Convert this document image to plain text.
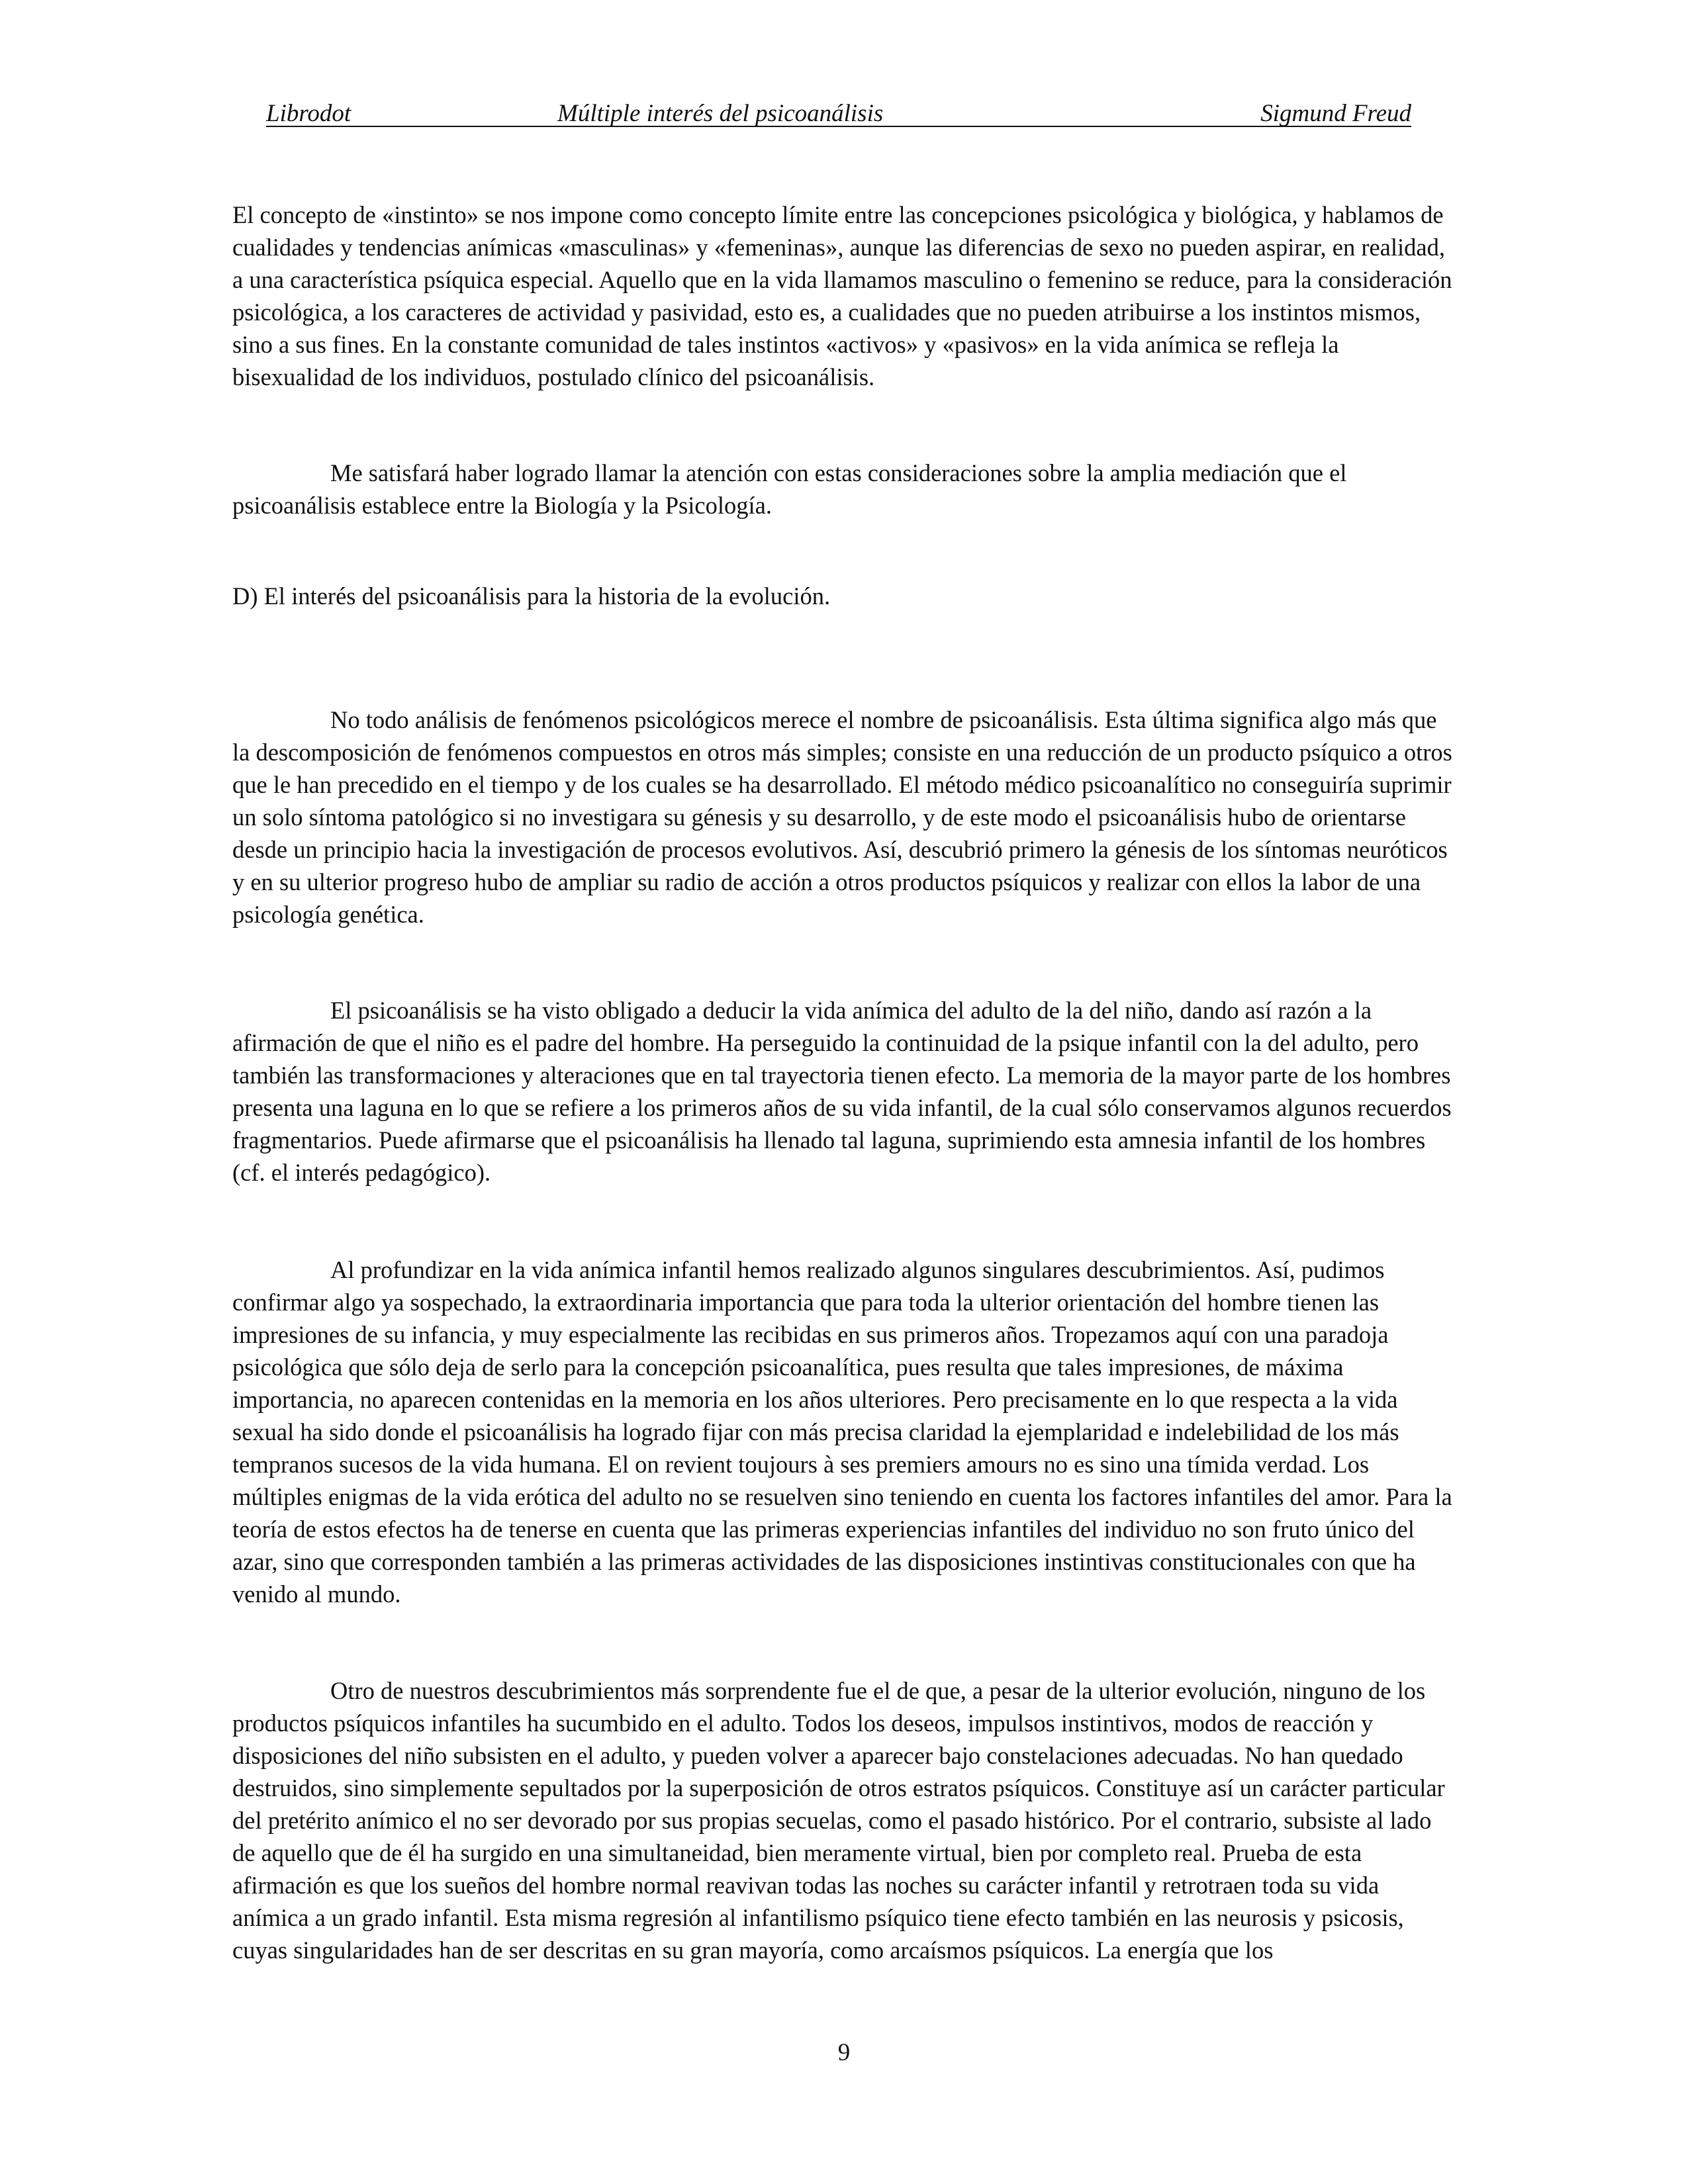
Librodot	Múltiple interés del psicoanálisis	Sigmund Freud

El concepto de «instinto» se nos impone como concepto límite entre las concepciones psicológica y biológica, y hablamos de cualidades y tendencias anímicas «masculinas» y «femeninas», aunque las diferencias de sexo no pueden aspirar, en realidad, a una característica psíquica especial. Aquello que en la vida llamamos masculino o femenino se reduce, para la consideración psicológica, a los caracteres de actividad y pasividad, esto es, a cualidades que no pueden atribuirse a los instintos mismos, sino a sus fines. En la constante comunidad de tales instintos «activos» y «pasivos» en la vida anímica se refleja la bisexualidad de los individuos, postulado clínico del psicoanálisis.

Me satisfará haber logrado llamar la atención con estas consideraciones sobre la amplia mediación que el psicoanálisis establece entre la Biología y la Psicología.

D) El interés del psicoanálisis para la historia de la evolución.

No todo análisis de fenómenos psicológicos merece el nombre de psicoanálisis. Esta última significa algo más que la descomposición de fenómenos compuestos en otros más simples; consiste en una reducción de un producto psíquico a otros que le han precedido en el tiempo y de los cuales se ha desarrollado. El método médico psicoanalítico no conseguiría suprimir un solo síntoma patológico si no investigara su génesis y su desarrollo, y de este modo el psicoanálisis hubo de orientarse desde un principio hacia la investigación de procesos evolutivos. Así, descubrió primero la génesis de los síntomas neuróticos y en su ulterior progreso hubo de ampliar su radio de acción a otros productos psíquicos y realizar con ellos la labor de una psicología genética.

El psicoanálisis se ha visto obligado a deducir la vida anímica del adulto de la del niño, dando así razón a la afirmación de que el niño es el padre del hombre. Ha perseguido la continuidad de la psique infantil con la del adulto, pero también las transformaciones y alteraciones que en tal trayectoria tienen efecto. La memoria de la mayor parte de los hombres presenta una laguna en lo que se refiere a los primeros años de su vida infantil, de la cual sólo conservamos algunos recuerdos fragmentarios. Puede afirmarse que el psicoanálisis ha llenado tal laguna, suprimiendo esta amnesia infantil de los hombres (cf. el interés pedagógico).

Al profundizar en la vida anímica infantil hemos realizado algunos singulares descubrimientos. Así, pudimos confirmar algo ya sospechado, la extraordinaria importancia que para toda la ulterior orientación del hombre tienen las impresiones de su infancia, y muy especialmente las recibidas en sus primeros años. Tropezamos aquí con una paradoja psicológica que sólo deja de serlo para la concepción psicoanalítica, pues resulta que tales impresiones, de máxima importancia, no aparecen contenidas en la memoria en los años ulteriores. Pero precisamente en lo que respecta a la vida sexual ha sido donde el psicoanálisis ha logrado fijar con más precisa claridad la ejemplaridad e indelebilidad de los más tempranos sucesos de la vida humana. El on revient toujours à ses premiers amours no es sino una tímida verdad. Los múltiples enigmas de la vida erótica del adulto no se resuelven sino teniendo en cuenta los factores infantiles del amor. Para la teoría de estos efectos ha de tenerse en cuenta que las primeras experiencias infantiles del individuo no son fruto único del azar, sino que corresponden también a las primeras actividades de las disposiciones instintivas constitucionales con que ha venido al mundo.

Otro de nuestros descubrimientos más sorprendente fue el de que, a pesar de la ulterior evolución, ninguno de los productos psíquicos infantiles ha sucumbido en el adulto. Todos los deseos, impulsos instintivos, modos de reacción y disposiciones del niño subsisten en el adulto, y pueden volver a aparecer bajo constelaciones adecuadas. No han quedado destruidos, sino simplemente sepultados por la superposición de otros estratos psíquicos. Constituye así un carácter particular del pretérito anímico el no ser devorado por sus propias secuelas, como el pasado histórico. Por el contrario, subsiste al lado de aquello que de él ha surgido en una simultaneidad, bien meramente virtual, bien por completo real. Prueba de esta afirmación es que los sueños del hombre normal reavivan todas las noches su carácter infantil y retrotraen toda su vida anímica a un grado infantil. Esta misma regresión al infantilismo psíquico tiene efecto también en las neurosis y psicosis, cuyas singularidades han de ser descritas en su gran mayoría, como arcaísmos psíquicos. La energía que los

9
